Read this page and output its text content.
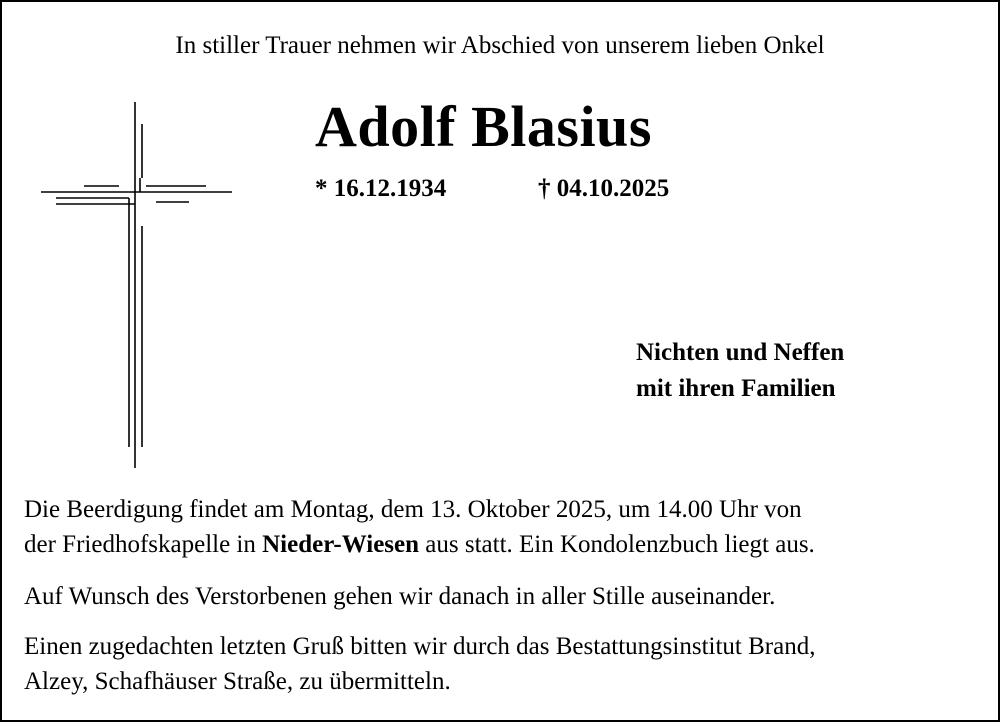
In stiller Trauer nehmen wir Abschied von unserem lieben Onkel
Adolf Blasius
* 16.12.1934	† 04.10.2025
Nichten und Neffen
mit ihren Familien
Die Beerdigung findet am Montag, dem 13. Oktober 2025, um 14.00 Uhr von
der Friedhofskapelle in Nieder-Wiesen aus statt. Ein Kondolenzbuch liegt aus.
Auf Wunsch des Verstorbenen gehen wir danach in aller Stille auseinander.
Einen zugedachten letzten Gruß bitten wir durch das Bestattungsinstitut Brand,
Alzey, Schafhäuser Straße, zu übermitteln.
